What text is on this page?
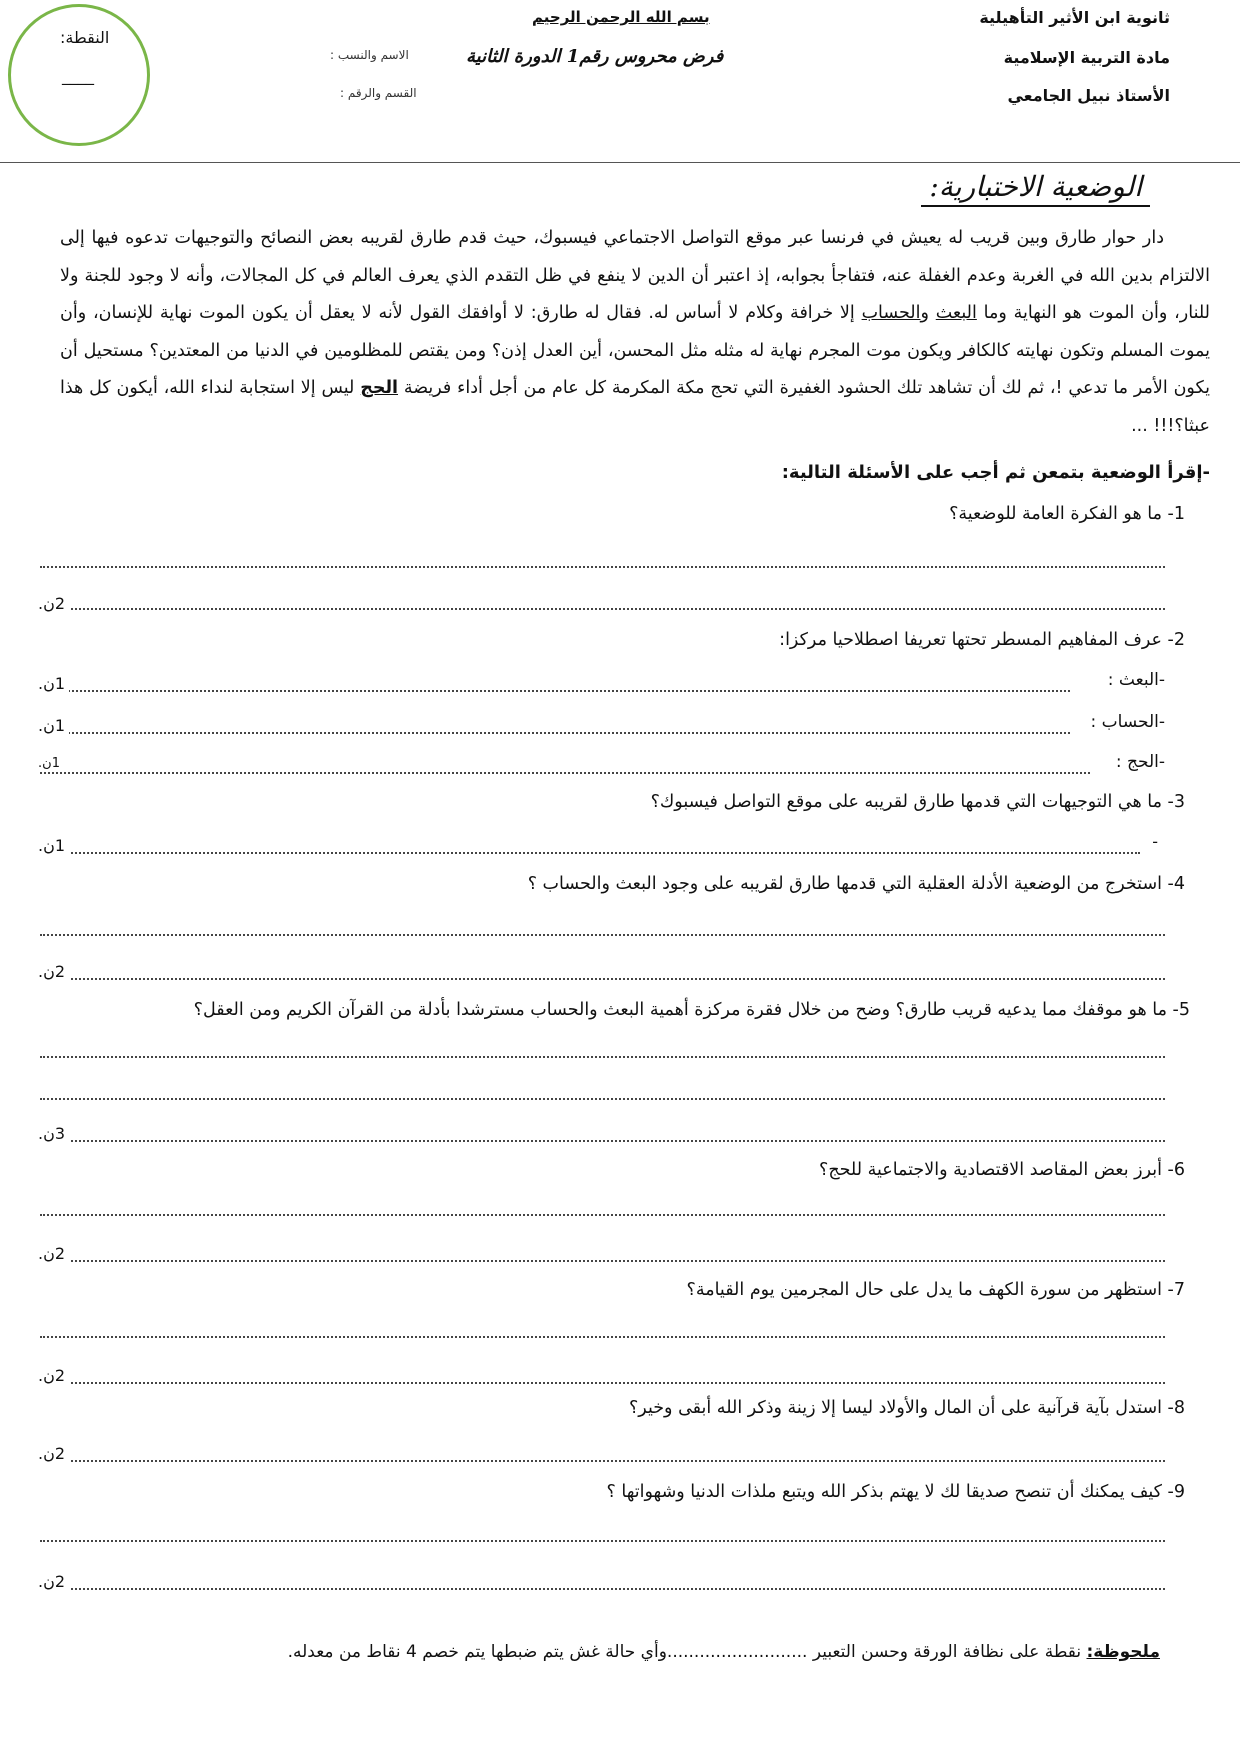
ثانوية ابن الأثير التأهيلية
مادة التربية الإسلامية
الأستاذ نبيل الجامعي
بسم الله الرحمن الرحيم
فرض محروس رقم1 الدورة الثانية
الاسم والنسب :
القسم والرقم :
النقطة:
____
الوضعية الاختبارية:
دار حوار طارق وبين قريب له يعيش في فرنسا عبر موقع التواصل الاجتماعي فيسبوك، حيث قدم طارق لقريبه بعض النصائح والتوجيهات تدعوه فيها إلى الالتزام بدين الله في الغربة وعدم الغفلة عنه، فتفاجأ بجوابه، إذ اعتبر أن الدين لا ينفع في ظل التقدم الذي يعرف العالم في كل المجالات، وأنه لا وجود للجنة ولا للنار، وأن الموت هو النهاية وما البعث والحساب إلا خرافة وكلام لا أساس له. فقال له طارق: لا أوافقك القول لأنه لا يعقل أن يكون الموت نهاية للإنسان، وأن يموت المسلم وتكون نهايته كالكافر ويكون موت المجرم نهاية له مثله مثل المحسن، أين العدل إذن؟ ومن يقتص للمظلومين في الدنيا من المعتدين؟ مستحيل أن يكون الأمر ما تدعي !، ثم لك أن تشاهد تلك الحشود الغفيرة التي تحج مكة المكرمة كل عام من أجل أداء فريضة الحج ليس إلا استجابة لنداء الله، أيكون كل هذا عبثا؟!!! ...
-إقرأ الوضعية بتمعن ثم أجب على الأسئلة التالية:
1- ما هو الفكرة العامة للوضعية؟
2ن.
2- عرف المفاهيم المسطر تحتها تعريفا اصطلاحيا مركزا:
-البعث :
1ن.
-الحساب :
1ن.
-الحج :
1ن.
3- ما هي التوجيهات التي قدمها طارق لقريبه على موقع التواصل فيسبوك؟
-
1ن.
4- استخرج من الوضعية الأدلة العقلية التي قدمها طارق لقريبه على وجود البعث والحساب ؟
2ن.
5- ما هو موقفك مما يدعيه قريب طارق؟ وضح من خلال فقرة مركزة أهمية البعث والحساب مسترشدا بأدلة من القرآن الكريم ومن العقل؟
3ن.
6- أبرز بعض المقاصد الاقتصادية والاجتماعية للحج؟
2ن.
7- استظهر من سورة الكهف ما يدل على حال المجرمين يوم القيامة؟
2ن.
8- استدل بآية قرآنية على أن المال والأولاد ليسا إلا زينة وذكر الله أبقى وخير؟
2ن.
9- كيف يمكنك أن تنصح صديقا لك لا يهتم بذكر الله ويتبع ملذات الدنيا وشهواتها ؟
2ن.
ملحوظة: نقطة على نظافة الورقة وحسن التعبير ..........................وأي حالة غش يتم ضبطها يتم خصم 4 نقاط من معدله.
